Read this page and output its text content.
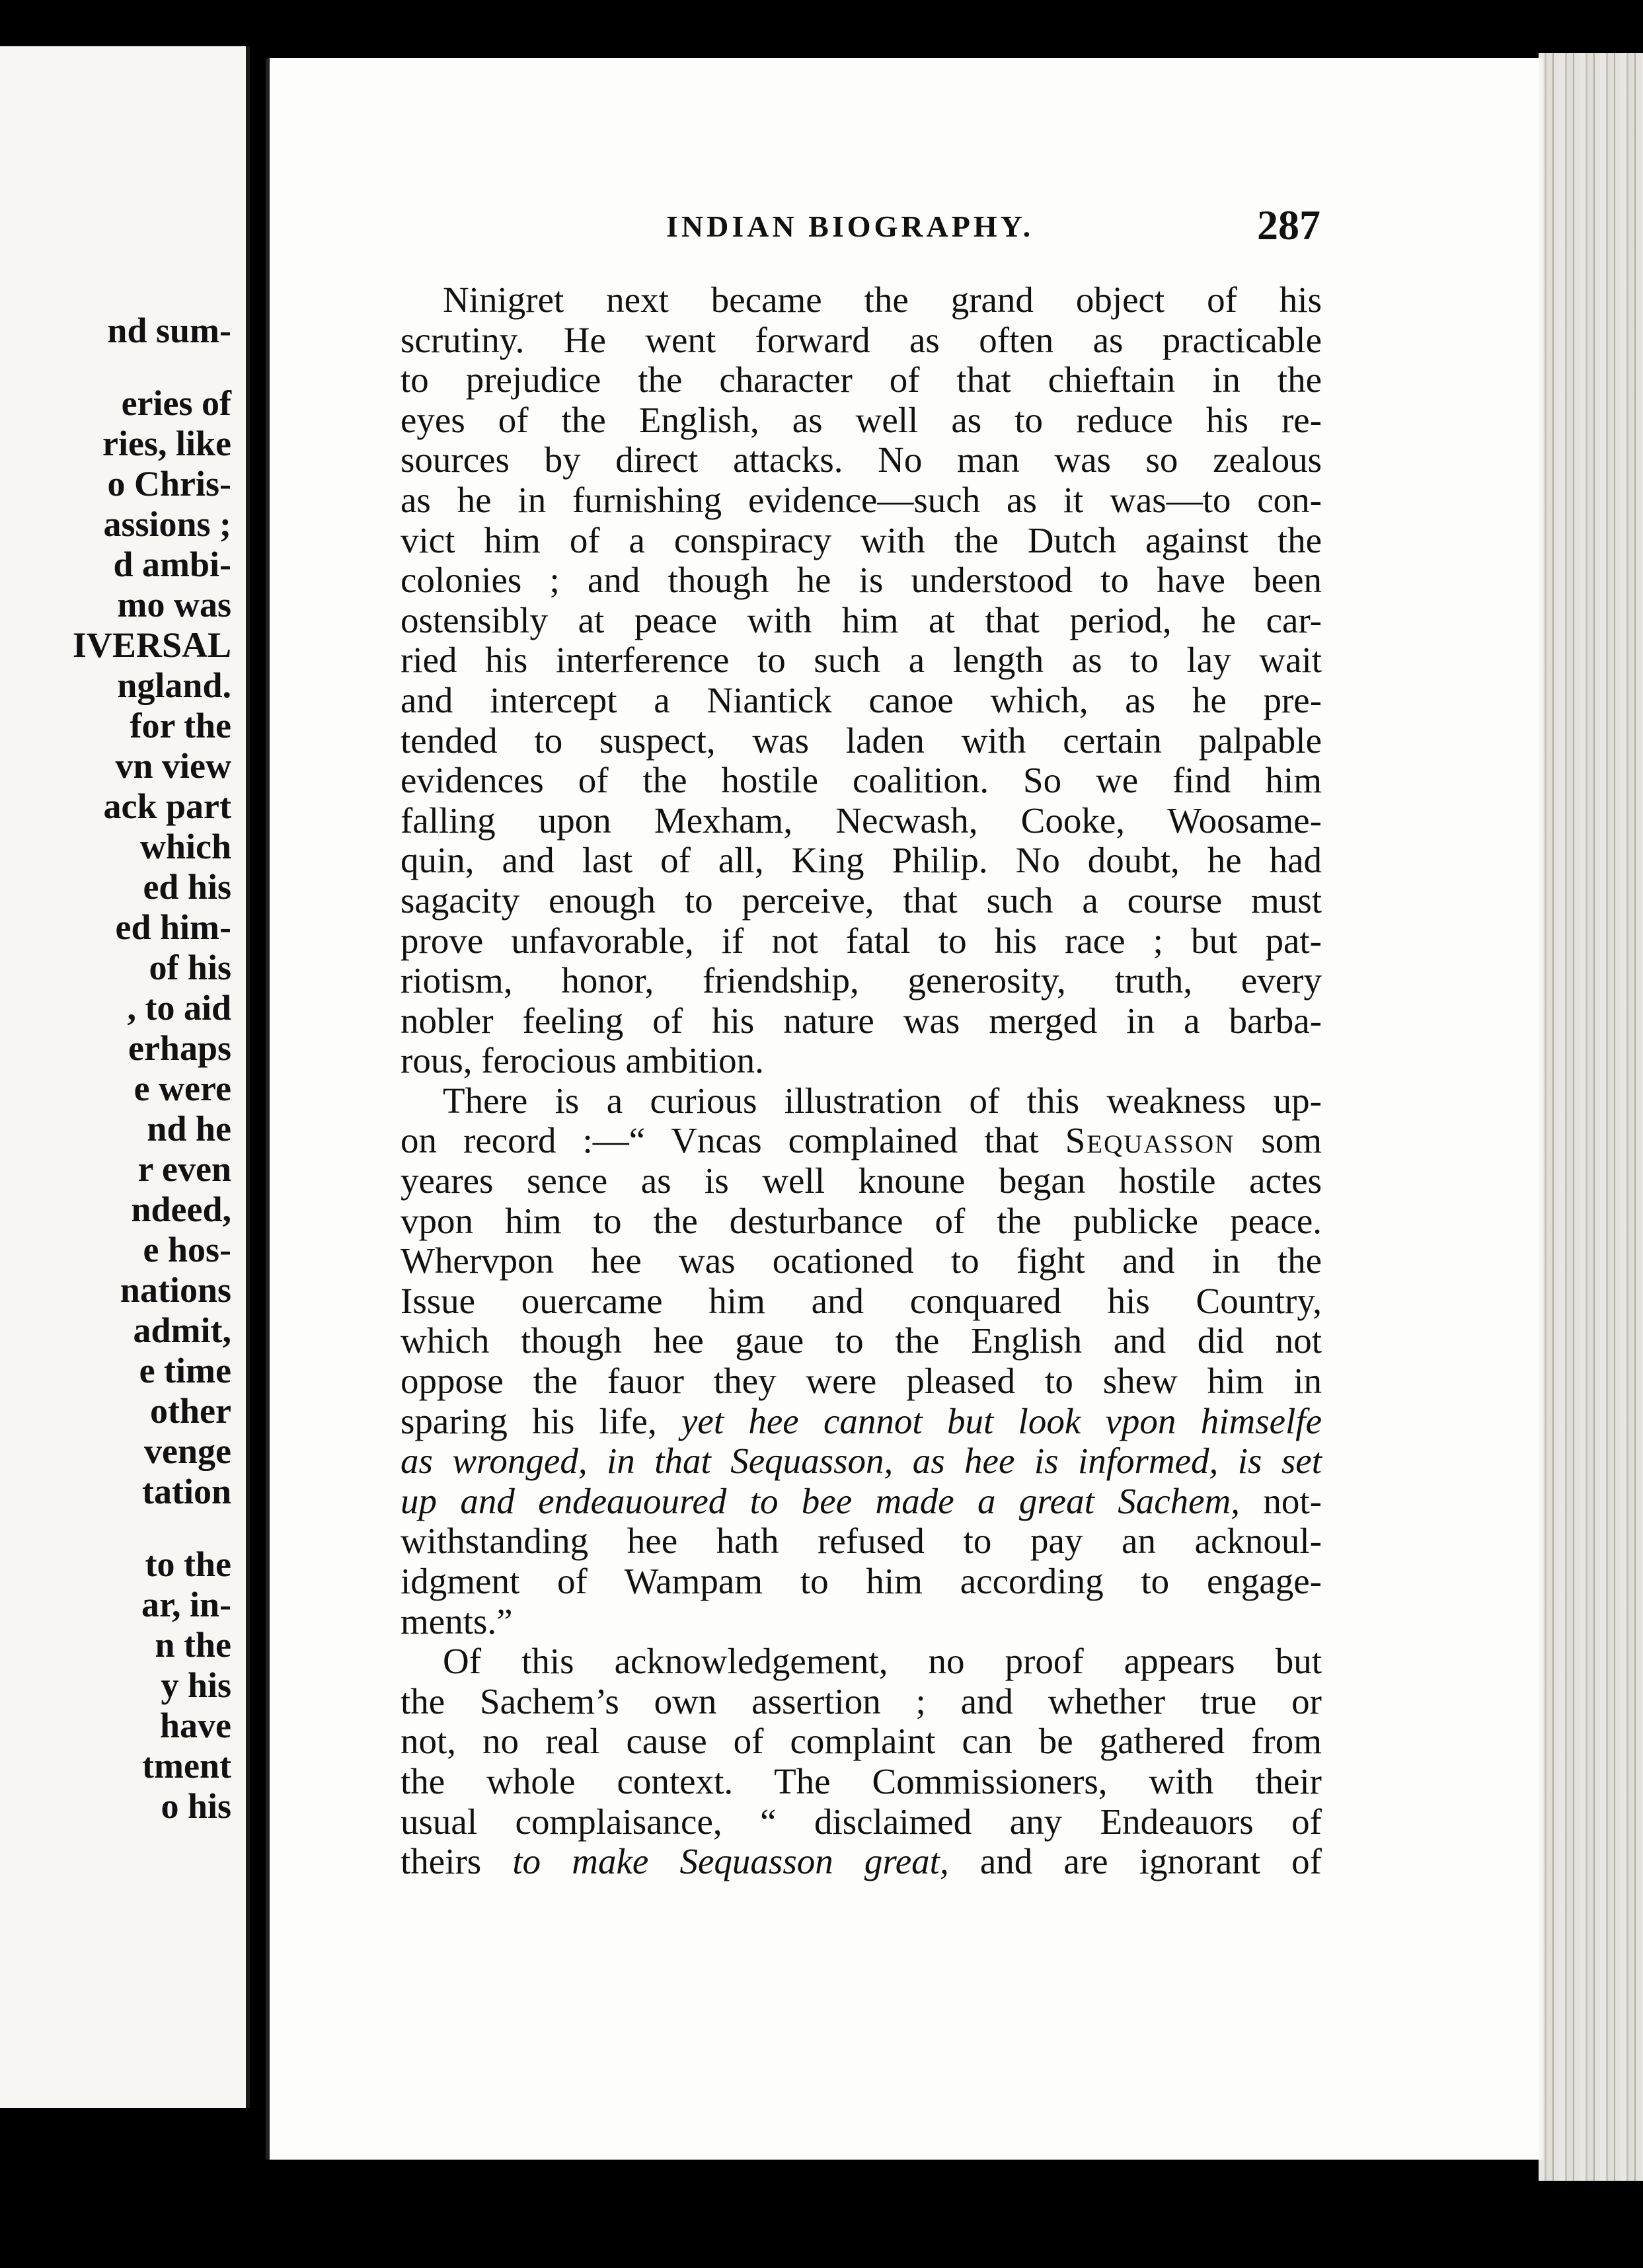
nd sum-
eries of
ries, like
o Chris-
assions ;
d ambi-
mo was
IVERSAL
ngland.
for the
vn view
ack part
which
ed his
ed him-
of his
, to aid
erhaps
e were
nd he
r even
ndeed,
e hos-
nations
admit,
e time
other
venge
tation
to the
ar, in-
n the
y his
have
tment
o his
INDIAN BIOGRAPHY.	287
Ninigret next became the grand object of his
scrutiny. He went forward as often as practicable
to prejudice the character of that chieftain in the
eyes of the English, as well as to reduce his re-
sources by direct attacks. No man was so zealous
as he in furnishing evidence—such as it was—to con-
vict him of a conspiracy with the Dutch against the
colonies ; and though he is understood to have been
ostensibly at peace with him at that period, he car-
ried his interference to such a length as to lay wait
and intercept a Niantick canoe which, as he pre-
tended to suspect, was laden with certain palpable
evidences of the hostile coalition. So we find him
falling upon Mexham, Necwash, Cooke, Woosame-
quin, and last of all, King Philip. No doubt, he had
sagacity enough to perceive, that such a course must
prove unfavorable, if not fatal to his race ; but pat-
riotism, honor, friendship, generosity, truth, every
nobler feeling of his nature was merged in a barba-
rous, ferocious ambition.
There is a curious illustration of this weakness up-
on record :—“ Vncas complained that Sequasson som
yeares sence as is well knoune began hostile actes
vpon him to the desturbance of the publicke peace.
Whervpon hee was ocationed to fight and in the
Issue ouercame him and conquared his Country,
which though hee gaue to the English and did not
oppose the fauor they were pleased to shew him in
sparing his life, yet hee cannot but look vpon himselfe
as wronged, in that Sequasson, as hee is informed, is set
up and endeauoured to bee made a great Sachem, not-
withstanding hee hath refused to pay an acknoul-
idgment of Wampam to him according to engage-
ments.”
Of this acknowledgement, no proof appears but
the Sachem’s own assertion ; and whether true or
not, no real cause of complaint can be gathered from
the whole context. The Commissioners, with their
usual complaisance, “ disclaimed any Endeauors of
theirs to make Sequasson great, and are ignorant of
